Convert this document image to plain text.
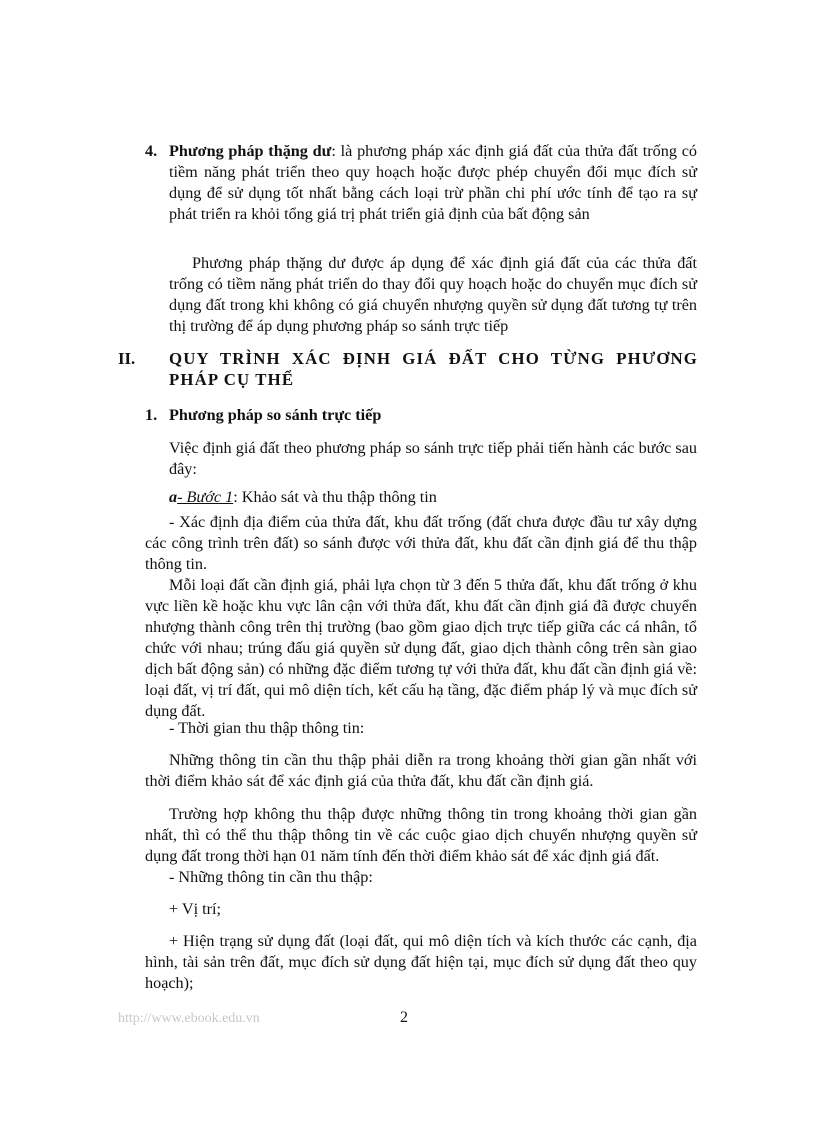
4. Phương pháp thặng dư: là phương pháp xác định giá đất của thửa đất trống có tiềm năng phát triển theo quy hoạch hoặc được phép chuyển đổi mục đích sử dụng để sử dụng tốt nhất bằng cách loại trừ phần chi phí ước tính để tạo ra sự phát triển ra khỏi tổng giá trị phát triển giả định của bất động sản

Phương pháp thặng dư được áp dụng để xác định giá đất của các thửa đất trống có tiềm năng phát triển do thay đổi quy hoạch hoặc do chuyển mục đích sử dụng đất trong khi không có giá chuyển nhượng quyền sử dụng đất tương tự trên thị trường để áp dụng phương pháp so sánh trực tiếp

II. QUY TRÌNH XÁC ĐỊNH GIÁ ĐẤT CHO TỪNG PHƯƠNG PHÁP CỤ THỂ

1. Phương pháp so sánh trực tiếp

Việc định giá đất theo phương pháp so sánh trực tiếp phải tiến hành các bước sau đây:

a- Bước 1: Khảo sát và thu thập thông tin

- Xác định địa điểm của thửa đất, khu đất trống (đất chưa được đầu tư xây dựng các công trình trên đất) so sánh được với thửa đất, khu đất cần định giá để thu thập thông tin.

Mỗi loại đất cần định giá, phải lựa chọn từ 3 đến 5 thửa đất, khu đất trống ở khu vực liền kề hoặc khu vực lân cận với thửa đất, khu đất cần định giá đã được chuyển nhượng thành công trên thị trường (bao gồm giao dịch trực tiếp giữa các cá nhân, tổ chức với nhau; trúng đấu giá quyền sử dụng đất, giao dịch thành công trên sàn giao dịch bất động sản) có những đặc điểm tương tự với thửa đất, khu đất cần định giá về: loại đất, vị trí đất, qui mô diện tích, kết cấu hạ tầng, đặc điểm pháp lý và mục đích sử dụng đất.

- Thời gian thu thập thông tin:

Những thông tin cần thu thập phải diễn ra trong khoảng thời gian gần nhất với thời điểm khảo sát để xác định giá của thửa đất, khu đất cần định giá.

Trường hợp không thu thập được những thông tin trong khoảng thời gian gần nhất, thì có thể thu thập thông tin về các cuộc giao dịch chuyển nhượng quyền sử dụng đất trong thời hạn 01 năm tính đến thời điểm khảo sát để xác định giá đất.

- Những thông tin cần thu thập:

+ Vị trí;

+ Hiện trạng sử dụng đất (loại đất, qui mô diện tích và kích thước các cạnh, địa hình, tài sản trên đất, mục đích sử dụng đất hiện tại, mục đích sử dụng đất theo quy hoạch);

http://www.ebook.edu.vn	2
